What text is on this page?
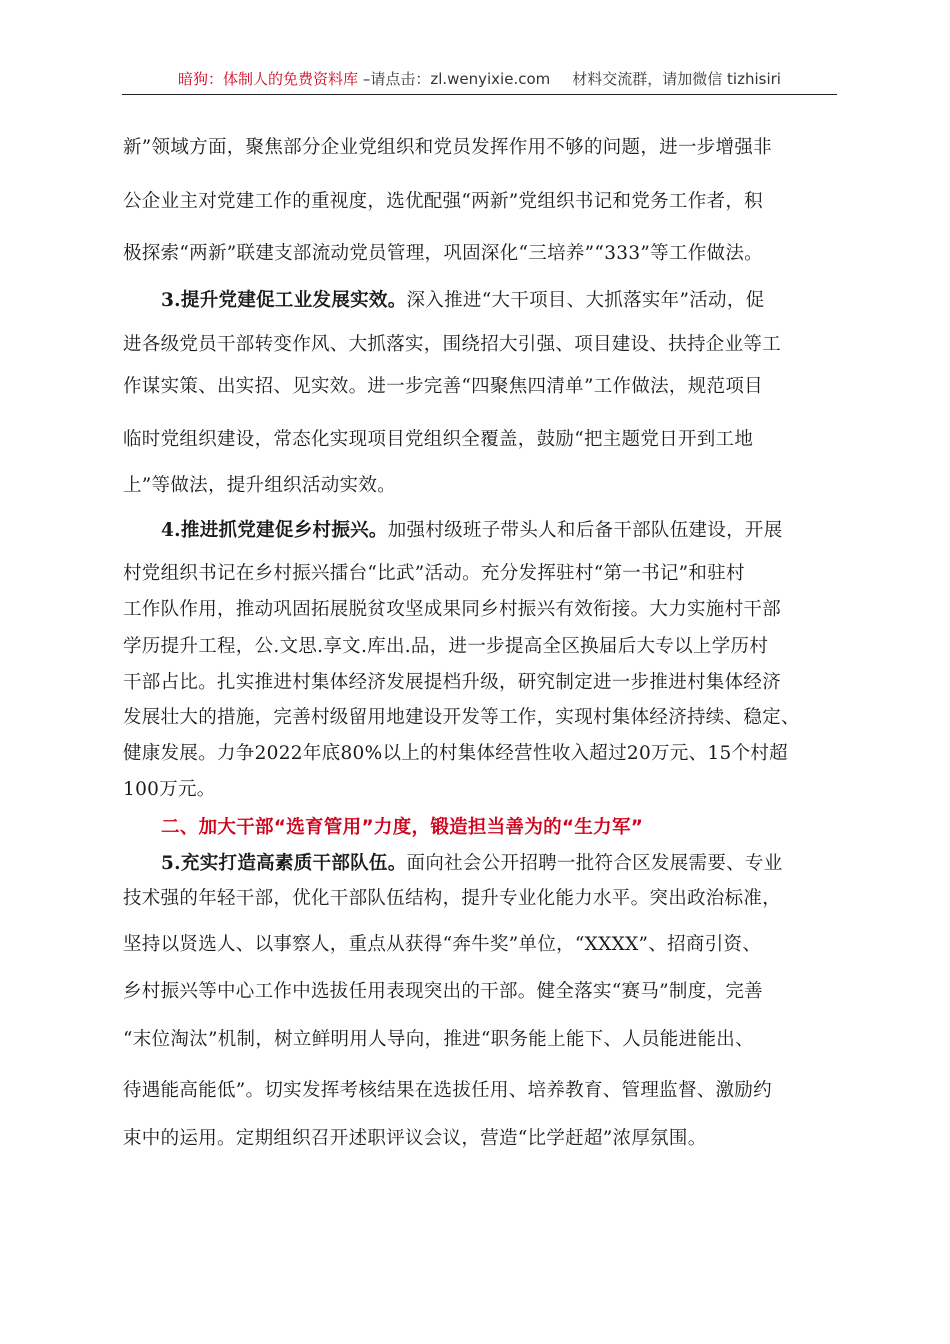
暗狗：体制人的免费资料库 –请点击：zl.wenyixie.com 材料交流群，请加微信 tizhisiri
新”领域方面，聚焦部分企业党组织和党员发挥作用不够的问题，进一步增强非
公企业主对党建工作的重视度，选优配强“两新”党组织书记和党务工作者，积
极探索“两新”联建支部流动党员管理，巩固深化“三培养”“333”等工作做法。
3.提升党建促工业发展实效。深入推进“大干项目、大抓落实年”活动，促
进各级党员干部转变作风、大抓落实，围绕招大引强、项目建设、扶持企业等工
作谋实策、出实招、见实效。进一步完善“四聚焦四清单”工作做法，规范项目
临时党组织建设，常态化实现项目党组织全覆盖，鼓励“把主题党日开到工地
上”等做法，提升组织活动实效。
4.推进抓党建促乡村振兴。加强村级班子带头人和后备干部队伍建设，开展
村党组织书记在乡村振兴擂台“比武”活动。充分发挥驻村“第一书记”和驻村
工作队作用，推动巩固拓展脱贫攻坚成果同乡村振兴有效衔接。大力实施村干部
学历提升工程，公.文思.享文.库出.品，进一步提高全区换届后大专以上学历村
干部占比。扎实推进村集体经济发展提档升级，研究制定进一步推进村集体经济
发展壮大的措施，完善村级留用地建设开发等工作，实现村集体经济持续、稳定、
健康发展。力争2022年底80%以上的村集体经营性收入超过20万元、15个村超
100万元。
二、加大干部“选育管用”力度，锻造担当善为的“生力军”
5.充实打造高素质干部队伍。面向社会公开招聘一批符合区发展需要、专业
技术强的年轻干部，优化干部队伍结构，提升专业化能力水平。突出政治标准，
坚持以贤选人、以事察人，重点从获得“奔牛奖”单位，“XXXX”、招商引资、
乡村振兴等中心工作中选拔任用表现突出的干部。健全落实“赛马”制度，完善
“末位淘汰”机制，树立鲜明用人导向，推进“职务能上能下、人员能进能出、
待遇能高能低”。切实发挥考核结果在选拔任用、培养教育、管理监督、激励约
束中的运用。定期组织召开述职评议会议，营造“比学赶超”浓厚氛围。
